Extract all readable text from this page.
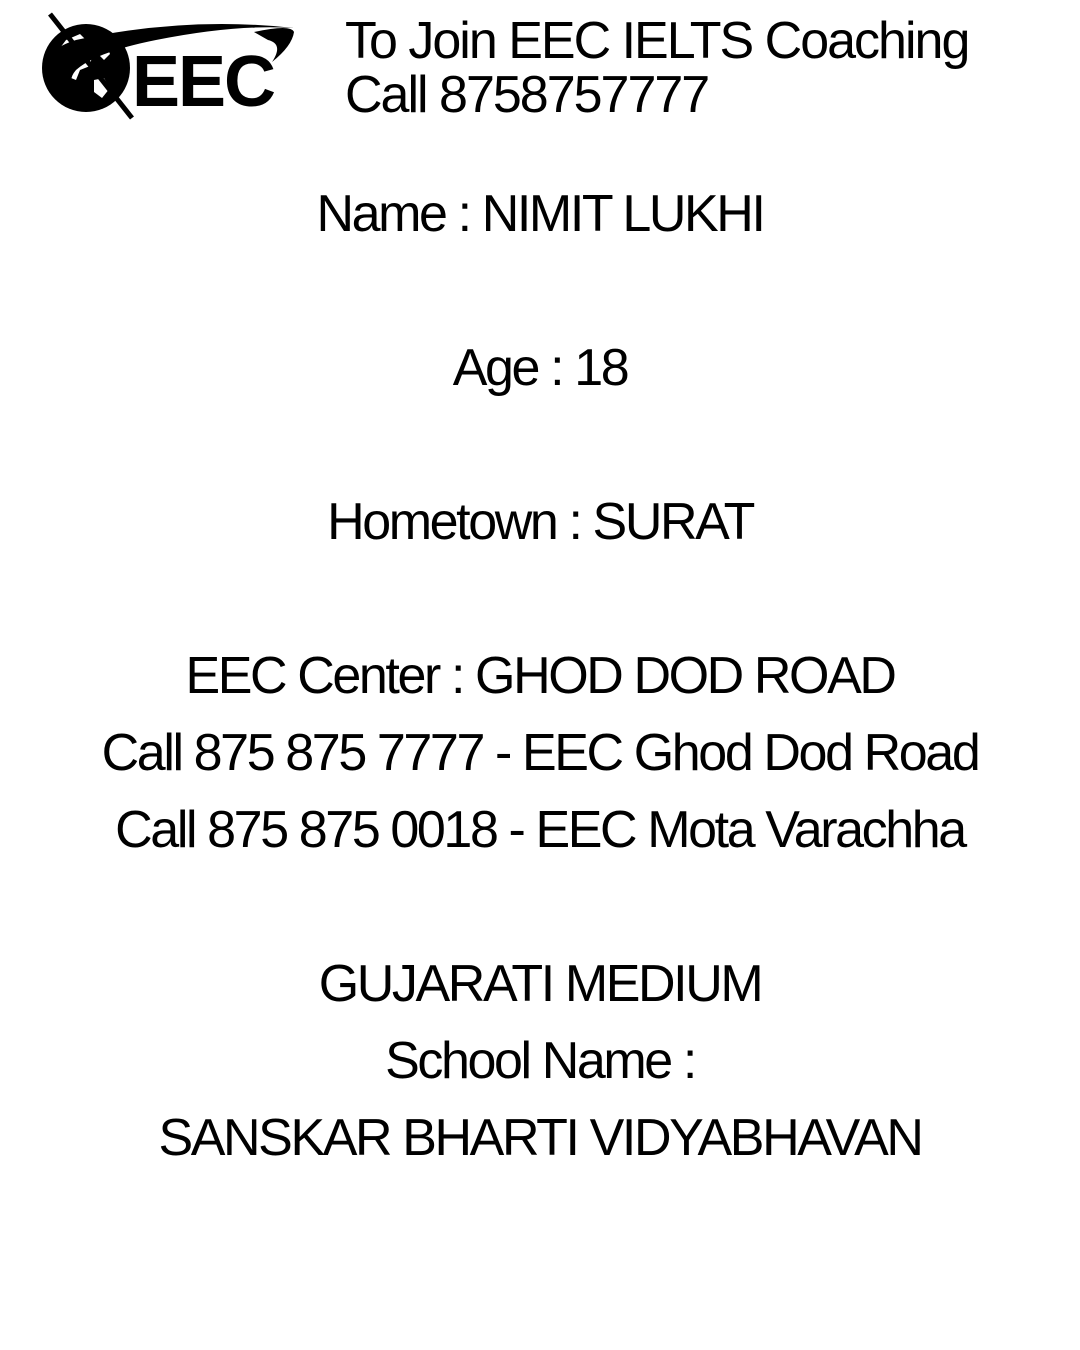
EEC
To Join EEC IELTS Coaching
Call 8758757777
Name : NIMIT LUKHI
Age : 18
Hometown : SURAT
EEC Center : GHOD DOD ROAD
Call 875 875 7777 - EEC Ghod Dod Road
Call 875 875 0018 - EEC Mota Varachha
GUJARATI MEDIUM
School Name :
SANSKAR BHARTI VIDYABHAVAN
